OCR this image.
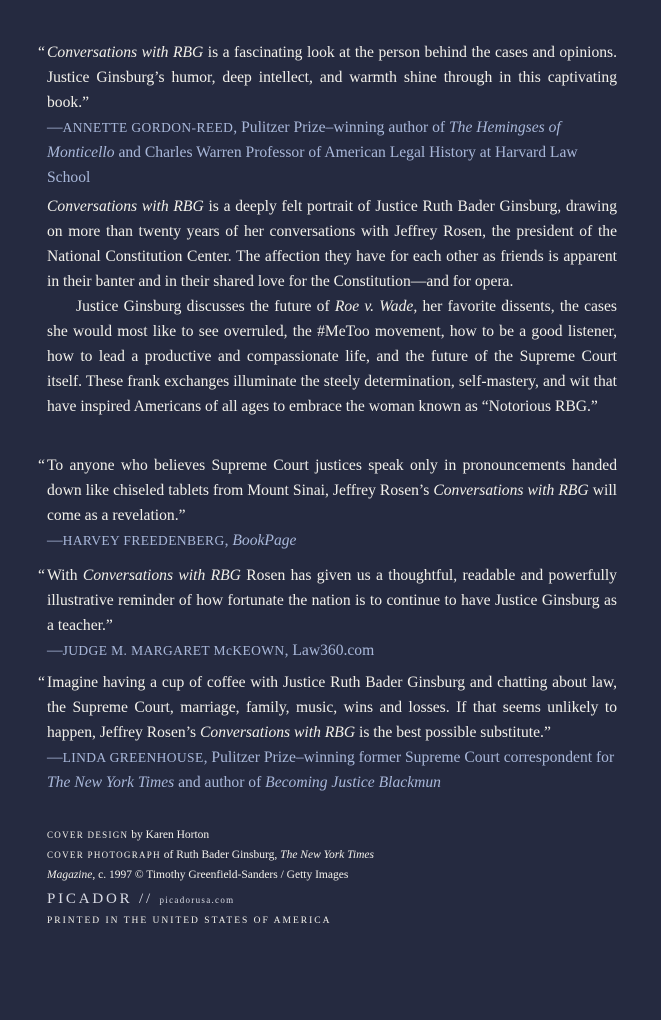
“ Conversations with RBG is a fascinating look at the person behind the cases and opinions. Justice Ginsburg’s humor, deep intellect, and warmth shine through in this captivating book.”

—ANNETTE GORDON-REED, Pulitzer Prize–winning author of The Hemingses of Monticello and Charles Warren Professor of American Legal History at Harvard Law School

Conversations with RBG is a deeply felt portrait of Justice Ruth Bader Ginsburg, drawing on more than twenty years of her conversations with Jeffrey Rosen, the president of the National Constitution Center. The affection they have for each other as friends is apparent in their banter and in their shared love for the Constitution—and for opera.

Justice Ginsburg discusses the future of Roe v. Wade, her favorite dissents, the cases she would most like to see overruled, the #MeToo movement, how to be a good listener, how to lead a productive and compassionate life, and the future of the Supreme Court itself. These frank exchanges illuminate the steely determination, self-mastery, and wit that have inspired Americans of all ages to embrace the woman known as “Notorious RBG.”

“ To anyone who believes Supreme Court justices speak only in pronouncements handed down like chiseled tablets from Mount Sinai, Jeffrey Rosen’s Conversations with RBG will come as a revelation.”

—HARVEY FREEDENBERG, BookPage

“ With Conversations with RBG Rosen has given us a thoughtful, readable and powerfully illustrative reminder of how fortunate the nation is to continue to have Justice Ginsburg as a teacher.”

—JUDGE M. MARGARET McKEOWN, Law360.com

“ Imagine having a cup of coffee with Justice Ruth Bader Ginsburg and chatting about law, the Supreme Court, marriage, family, music, wins and losses. If that seems unlikely to happen, Jeffrey Rosen’s Conversations with RBG is the best possible substitute.”

—LINDA GREENHOUSE, Pulitzer Prize–winning former Supreme Court correspondent for The New York Times and author of Becoming Justice Blackmun

COVER DESIGN by Karen Horton

COVER PHOTOGRAPH of Ruth Bader Ginsburg, The New York Times Magazine, c. 1997 © Timothy Greenfield-Sanders / Getty Images

PICADOR // picadorusa.com
PRINTED IN THE UNITED STATES OF AMERICA
